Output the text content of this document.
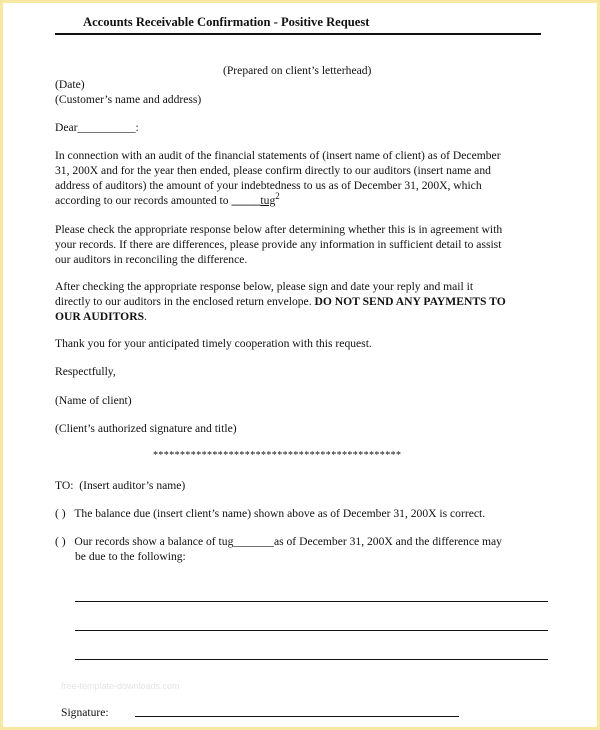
Accounts Receivable Confirmation - Positive Request
(Prepared on client’s letterhead)
(Date)
(Customer’s name and address)
Dear__________:

In connection with an audit of the financial statements of (insert name of client) as of December

31, 200X and for the year then ended, please confirm directly to our auditors (insert name and

address of auditors) the amount of your indebtedness to us as of December 31, 200X, which

according to our records amounted to _____tug$^2$

Please check the appropriate response below after determining whether this is in agreement with

your records. If there are differences, please provide any information in sufficient detail to assist

our auditors in reconciling the difference.

After checking the appropriate response below, please sign and date your reply and mail it

directly to our auditors in the enclosed return envelope. DO NOT SEND ANY PAYMENTS TO

OUR AUDITORS.

Thank you for your anticipated timely cooperation with this request.
Respectfully,
(Name of client)
(Client’s authorized signature and title)
**********************************************
TO: (Insert auditor’s name)
( ) The balance due (insert client’s name) shown above as of December 31, 200X is correct.
( ) Our records show a balance of tug_______as of December 31, 200X and the difference may
be due to the following:
free-template-downloads.com
Signature:
